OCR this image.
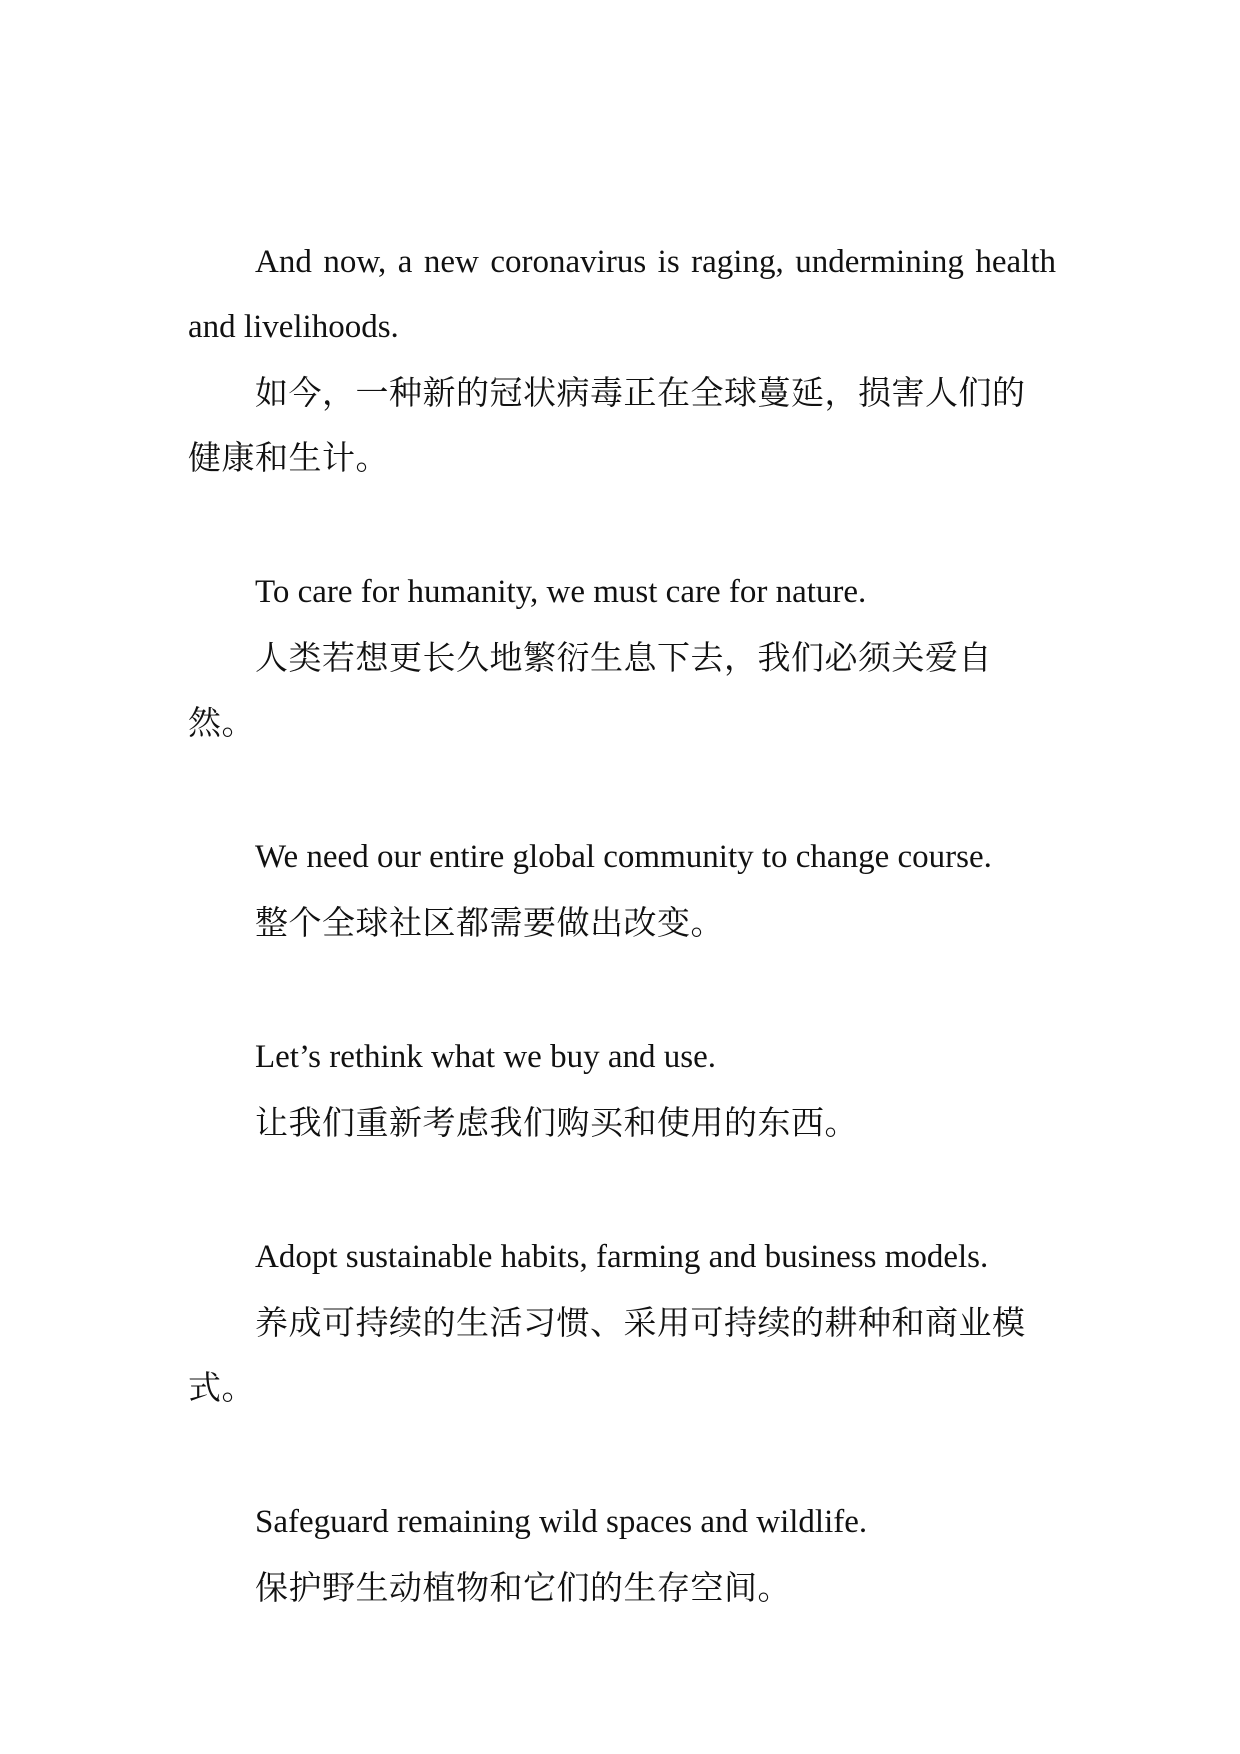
And now, a new coronavirus is raging, undermining health and livelihoods.

如今，一种新的冠状病毒正在全球蔓延，损害人们的健康和生计。

To care for humanity, we must care for nature.

人类若想更长久地繁衍生息下去，我们必须关爱自然。

We need our entire global community to change course.

整个全球社区都需要做出改变。

Let’s rethink what we buy and use.

让我们重新考虑我们购买和使用的东西。

Adopt sustainable habits, farming and business models.

养成可持续的生活习惯、采用可持续的耕种和商业模式。

Safeguard remaining wild spaces and wildlife.

保护野生动植物和它们的生存空间。
